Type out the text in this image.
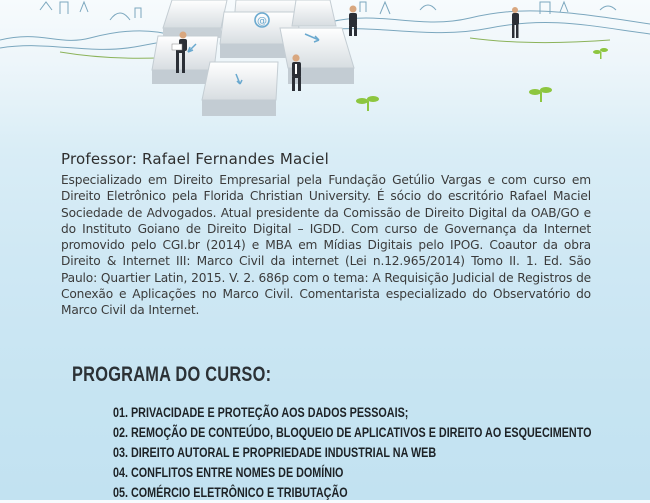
@
Professor: Rafael Fernandes Maciel
Especializado em Direito Empresarial pela Fundação Getúlio Vargas e com curso em Direito Eletrônico pela Florida Christian University. É sócio do escritório Rafael Maciel Sociedade de Advogados. Atual presidente da Comissão de Direito Digital da OAB/GO e do Instituto Goiano de Direito Digital – IGDD. Com curso de Governança da Internet promovido pelo CGI.br (2014) e MBA em Mídias Digitais pelo IPOG. Coautor da obra Direito & Internet III: Marco Civil da internet (Lei n.12.965/2014) Tomo II. 1. Ed. São Paulo: Quartier Latin, 2015. V. 2. 686p com o tema: A Requisição Judicial de Registros de Conexão e Aplicações no Marco Civil. Comentarista especializado do Observatório do Marco Civil da Internet.
PROGRAMA DO CURSO:
01. PRIVACIDADE E PROTEÇÃO AOS DADOS PESSOAIS;
02. REMOÇÃO DE CONTEÚDO, BLOQUEIO DE APLICATIVOS E DIREITO AO ESQUECIMENTO
03. DIREITO AUTORAL E PROPRIEDADE INDUSTRIAL NA WEB
04. CONFLITOS ENTRE NOMES DE DOMÍNIO
05. COMÉRCIO ELETRÔNICO E TRIBUTAÇÃO
